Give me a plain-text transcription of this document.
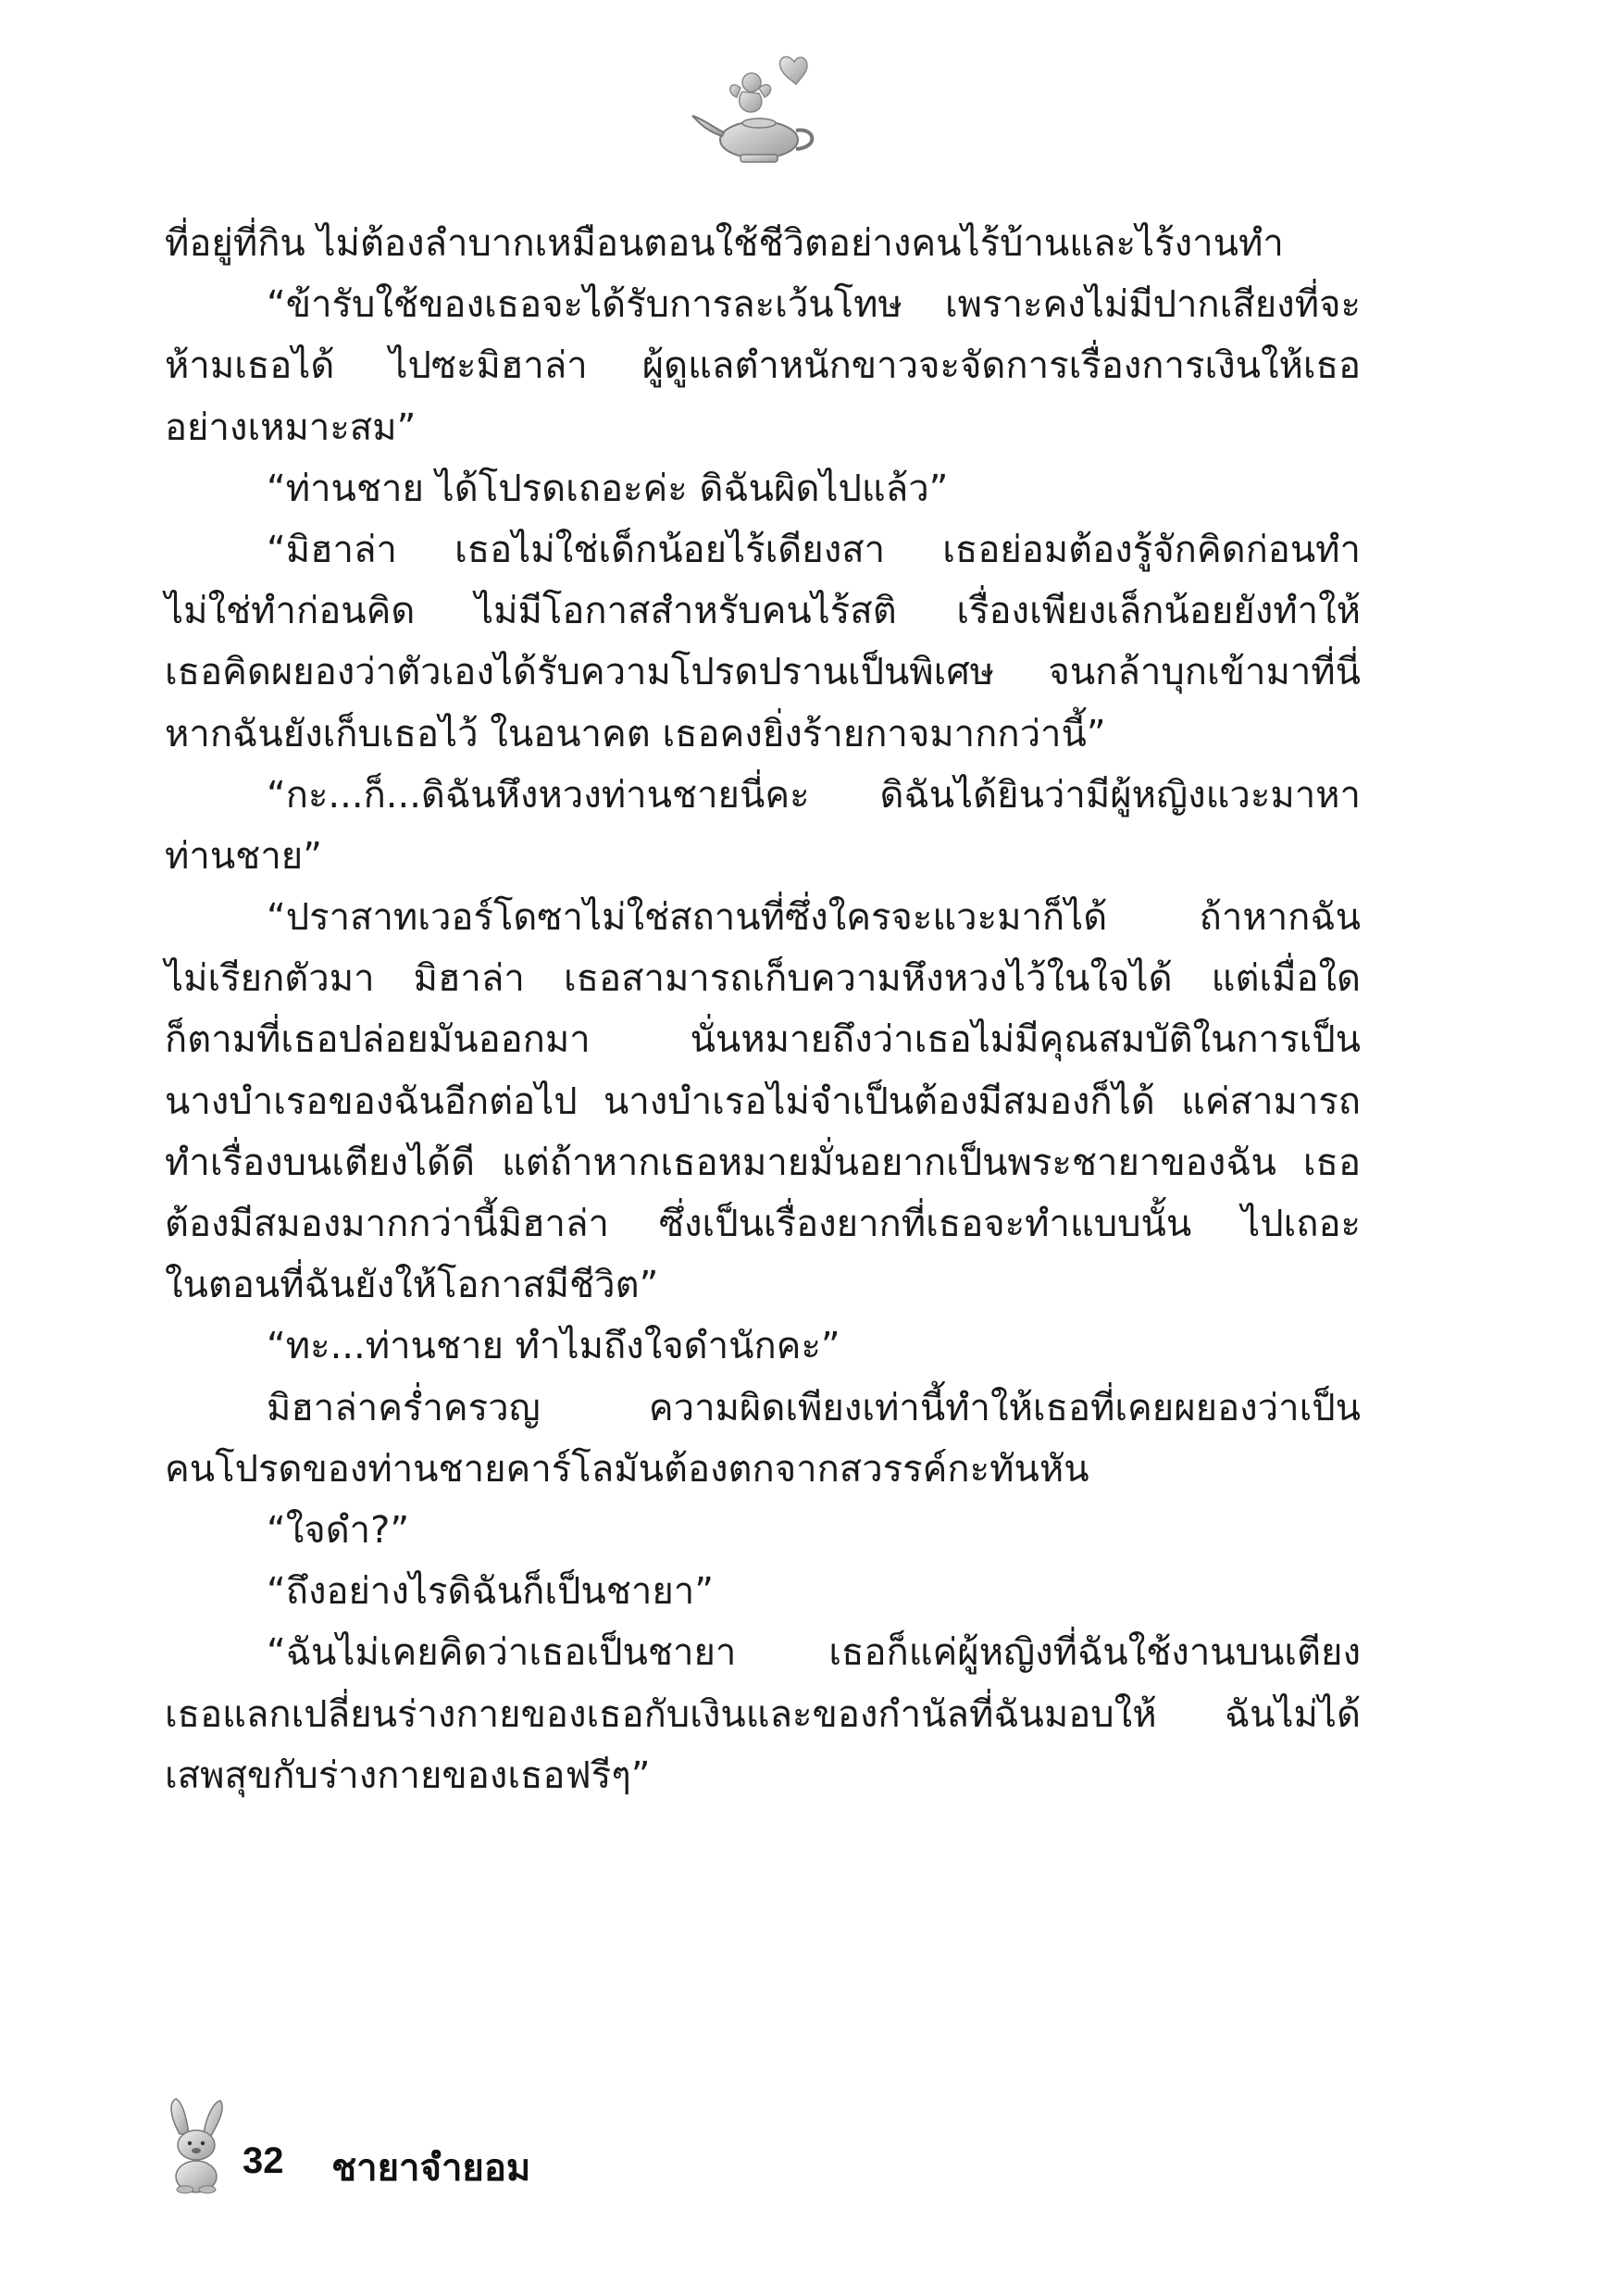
ที่อยู่ที่กิน ไม่ต้องลำบากเหมือนตอนใช้ชีวิตอย่างคนไร้บ้านและไร้งานทำ
“ข้ารับใช้ของเธอจะได้รับการละเว้นโทษ เพราะคงไม่มีปากเสียงที่จะ
ห้ามเธอได้ ไปซะมิฮาล่า ผู้ดูแลตำหนักขาวจะจัดการเรื่องการเงินให้เธอ
อย่างเหมาะสม”
“ท่านชาย ได้โปรดเถอะค่ะ ดิฉันผิดไปแล้ว”
“มิฮาล่า เธอไม่ใช่เด็กน้อยไร้เดียงสา เธอย่อมต้องรู้จักคิดก่อนทำ
ไม่ใช่ทำก่อนคิด ไม่มีโอกาสสำหรับคนไร้สติ เรื่องเพียงเล็กน้อยยังทำให้
เธอคิดผยองว่าตัวเองได้รับความโปรดปรานเป็นพิเศษ จนกล้าบุกเข้ามาที่นี่
หากฉันยังเก็บเธอไว้ ในอนาคต เธอคงยิ่งร้ายกาจมากกว่านี้”
“กะ...ก็...ดิฉันหึงหวงท่านชายนี่คะ ดิฉันได้ยินว่ามีผู้หญิงแวะมาหา
ท่านชาย”
“ปราสาทเวอร์โดซาไม่ใช่สถานที่ซึ่งใครจะแวะมาก็ได้ ถ้าหากฉัน
ไม่เรียกตัวมา มิฮาล่า เธอสามารถเก็บความหึงหวงไว้ในใจได้ แต่เมื่อใด
ก็ตามที่เธอปล่อยมันออกมา นั่นหมายถึงว่าเธอไม่มีคุณสมบัติในการเป็น
นางบำเรอของฉันอีกต่อไป นางบำเรอไม่จำเป็นต้องมีสมองก็ได้ แค่สามารถ
ทำเรื่องบนเตียงได้ดี แต่ถ้าหากเธอหมายมั่นอยากเป็นพระชายาของฉัน เธอ
ต้องมีสมองมากกว่านี้มิฮาล่า ซึ่งเป็นเรื่องยากที่เธอจะทำแบบนั้น ไปเถอะ
ในตอนที่ฉันยังให้โอกาสมีชีวิต”
“ทะ...ท่านชาย ทำไมถึงใจดำนักคะ”
มิฮาล่าคร่ำครวญ ความผิดเพียงเท่านี้ทำให้เธอที่เคยผยองว่าเป็น
คนโปรดของท่านชายคาร์โลมันต้องตกจากสวรรค์กะทันหัน
“ใจดำ?”
“ถึงอย่างไรดิฉันก็เป็นชายา”
“ฉันไม่เคยคิดว่าเธอเป็นชายา เธอก็แค่ผู้หญิงที่ฉันใช้งานบนเตียง
เธอแลกเปลี่ยนร่างกายของเธอกับเงินและของกำนัลที่ฉันมอบให้ ฉันไม่ได้
เสพสุขกับร่างกายของเธอฟรีๆ”
32 ชายาจำยอม
